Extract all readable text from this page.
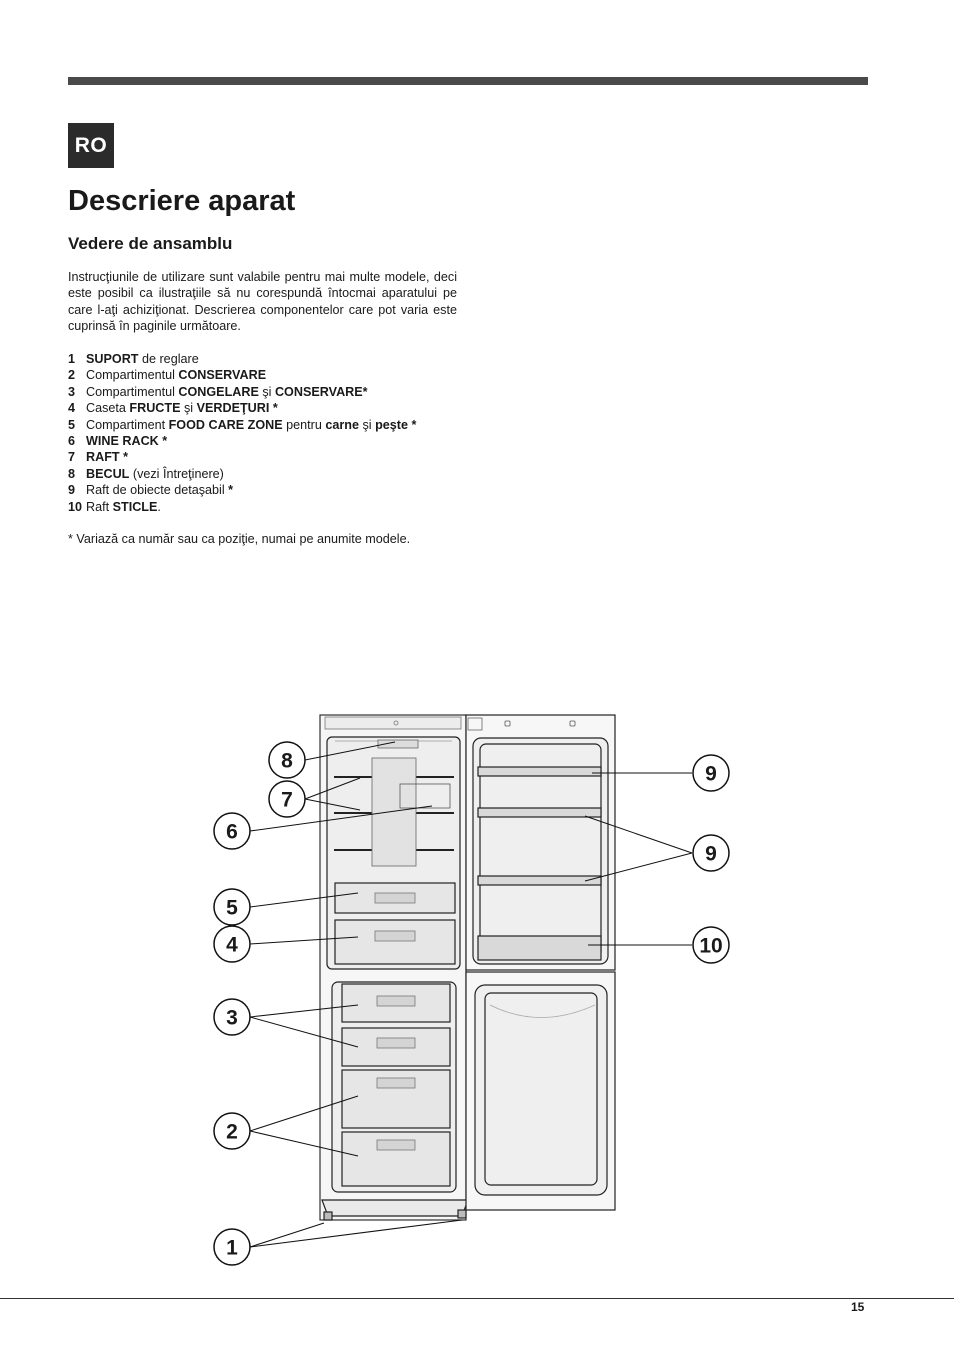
RO
Descriere aparat
Vedere de ansamblu

Instrucţiunile de utilizare sunt valabile pentru mai multe modele, deci este posibil ca ilustraţiile să nu corespundă întocmai aparatului pe care l-aţi achiziţionat. Descrierea componentelor care pot varia este cuprinsă în paginile următoare.

1 SUPORT de reglare
2 Compartimentul CONSERVARE
3 Compartimentul CONGELARE şi CONSERVARE*
4 Caseta FRUCTE şi VERDEŢURI *
5 Compartiment FOOD CARE ZONE pentru carne şi peşte *
6 WINE RACK *
7 RAFT *
8 BECUL (vezi Întreţinere)
9 Raft de obiecte detaşabil *
10 Raft STICLE.

* Variază ca număr sau ca poziţie, numai pe anumite modele.

8
7
6
5
4
3
2
1
9
9
10
15
